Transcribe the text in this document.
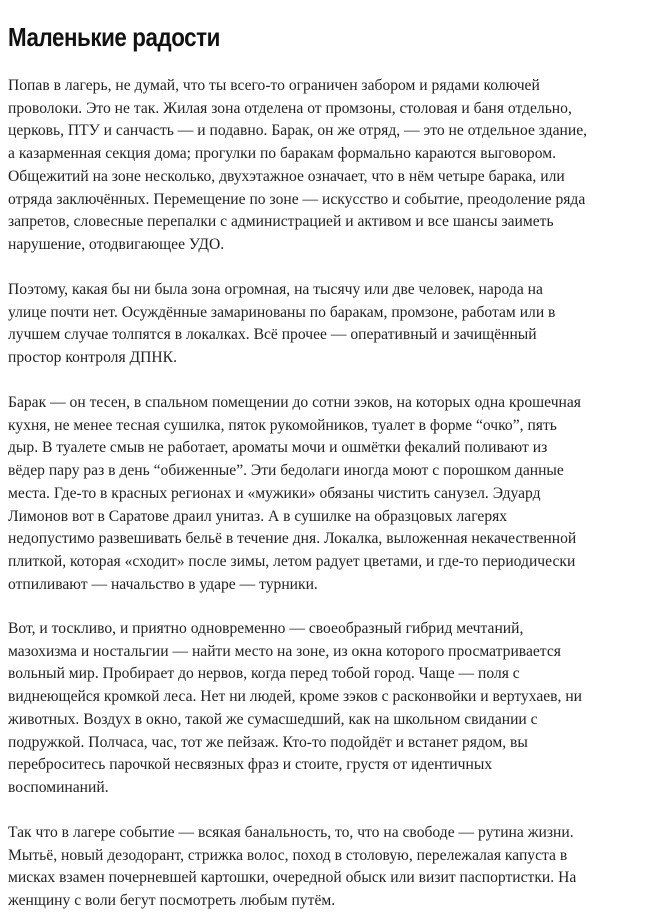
Маленькие радости

Попав в лагерь, не думай, что ты всего-то ограничен забором и рядами колючей
проволоки. Это не так. Жилая зона отделена от промзоны, столовая и баня отдельно,
церковь, ПТУ и санчасть — и подавно. Барак, он же отряд, — это не отдельное здание,
а казарменная секция дома; прогулки по баракам формально караются выговором.
Общежитий на зоне несколько, двухэтажное означает, что в нём четыре барака, или
отряда заключённых. Перемещение по зоне — искусство и событие, преодоление ряда
запретов, словесные перепалки с администрацией и активом и все шансы заиметь
нарушение, отодвигающее УДО.

Поэтому, какая бы ни была зона огромная, на тысячу или две человек, народа на
улице почти нет. Осуждённые замаринованы по баракам, промзоне, работам или в
лучшем случае толпятся в локалках. Всё прочее — оперативный и зачищённый
простор контроля ДПНК.

Барак — он тесен, в спальном помещении до сотни зэков, на которых одна крошечная
кухня, не менее тесная сушилка, пяток рукомойников, туалет в форме “очко”, пять
дыр. В туалете смыв не работает, ароматы мочи и ошмётки фекалий поливают из
вёдер пару раз в день “обиженные”. Эти бедолаги иногда моют с порошком данные
места. Где-то в красных регионах и «мужики» обязаны чистить санузел. Эдуард
Лимонов вот в Саратове драил унитаз. А в сушилке на образцовых лагерях
недопустимо развешивать бельё в течение дня. Локалка, выложенная некачественной
плиткой, которая «сходит» после зимы, летом радует цветами, и где-то периодически
отпиливают — начальство в ударе — турники.

Вот, и тоскливо, и приятно одновременно — своеобразный гибрид мечтаний,
мазохизма и ностальгии — найти место на зоне, из окна которого просматривается
вольный мир. Пробирает до нервов, когда перед тобой город. Чаще — поля с
виднеющейся кромкой леса. Нет ни людей, кроме зэков с расконвойки и вертухаев, ни
животных. Воздух в окно, такой же сумасшедший, как на школьном свидании с
подружкой. Полчаса, час, тот же пейзаж. Кто-то подойдёт и встанет рядом, вы
переброситесь парочкой несвязных фраз и стоите, грустя от идентичных
воспоминаний.

Так что в лагере событие — всякая банальность, то, что на свободе — рутина жизни.
Мытьё, новый дезодорант, стрижка волос, поход в столовую, перележалая капуста в
мисках взамен почерневшей картошки, очередной обыск или визит паспортистки. На
женщину с воли бегут посмотреть любым путём.
